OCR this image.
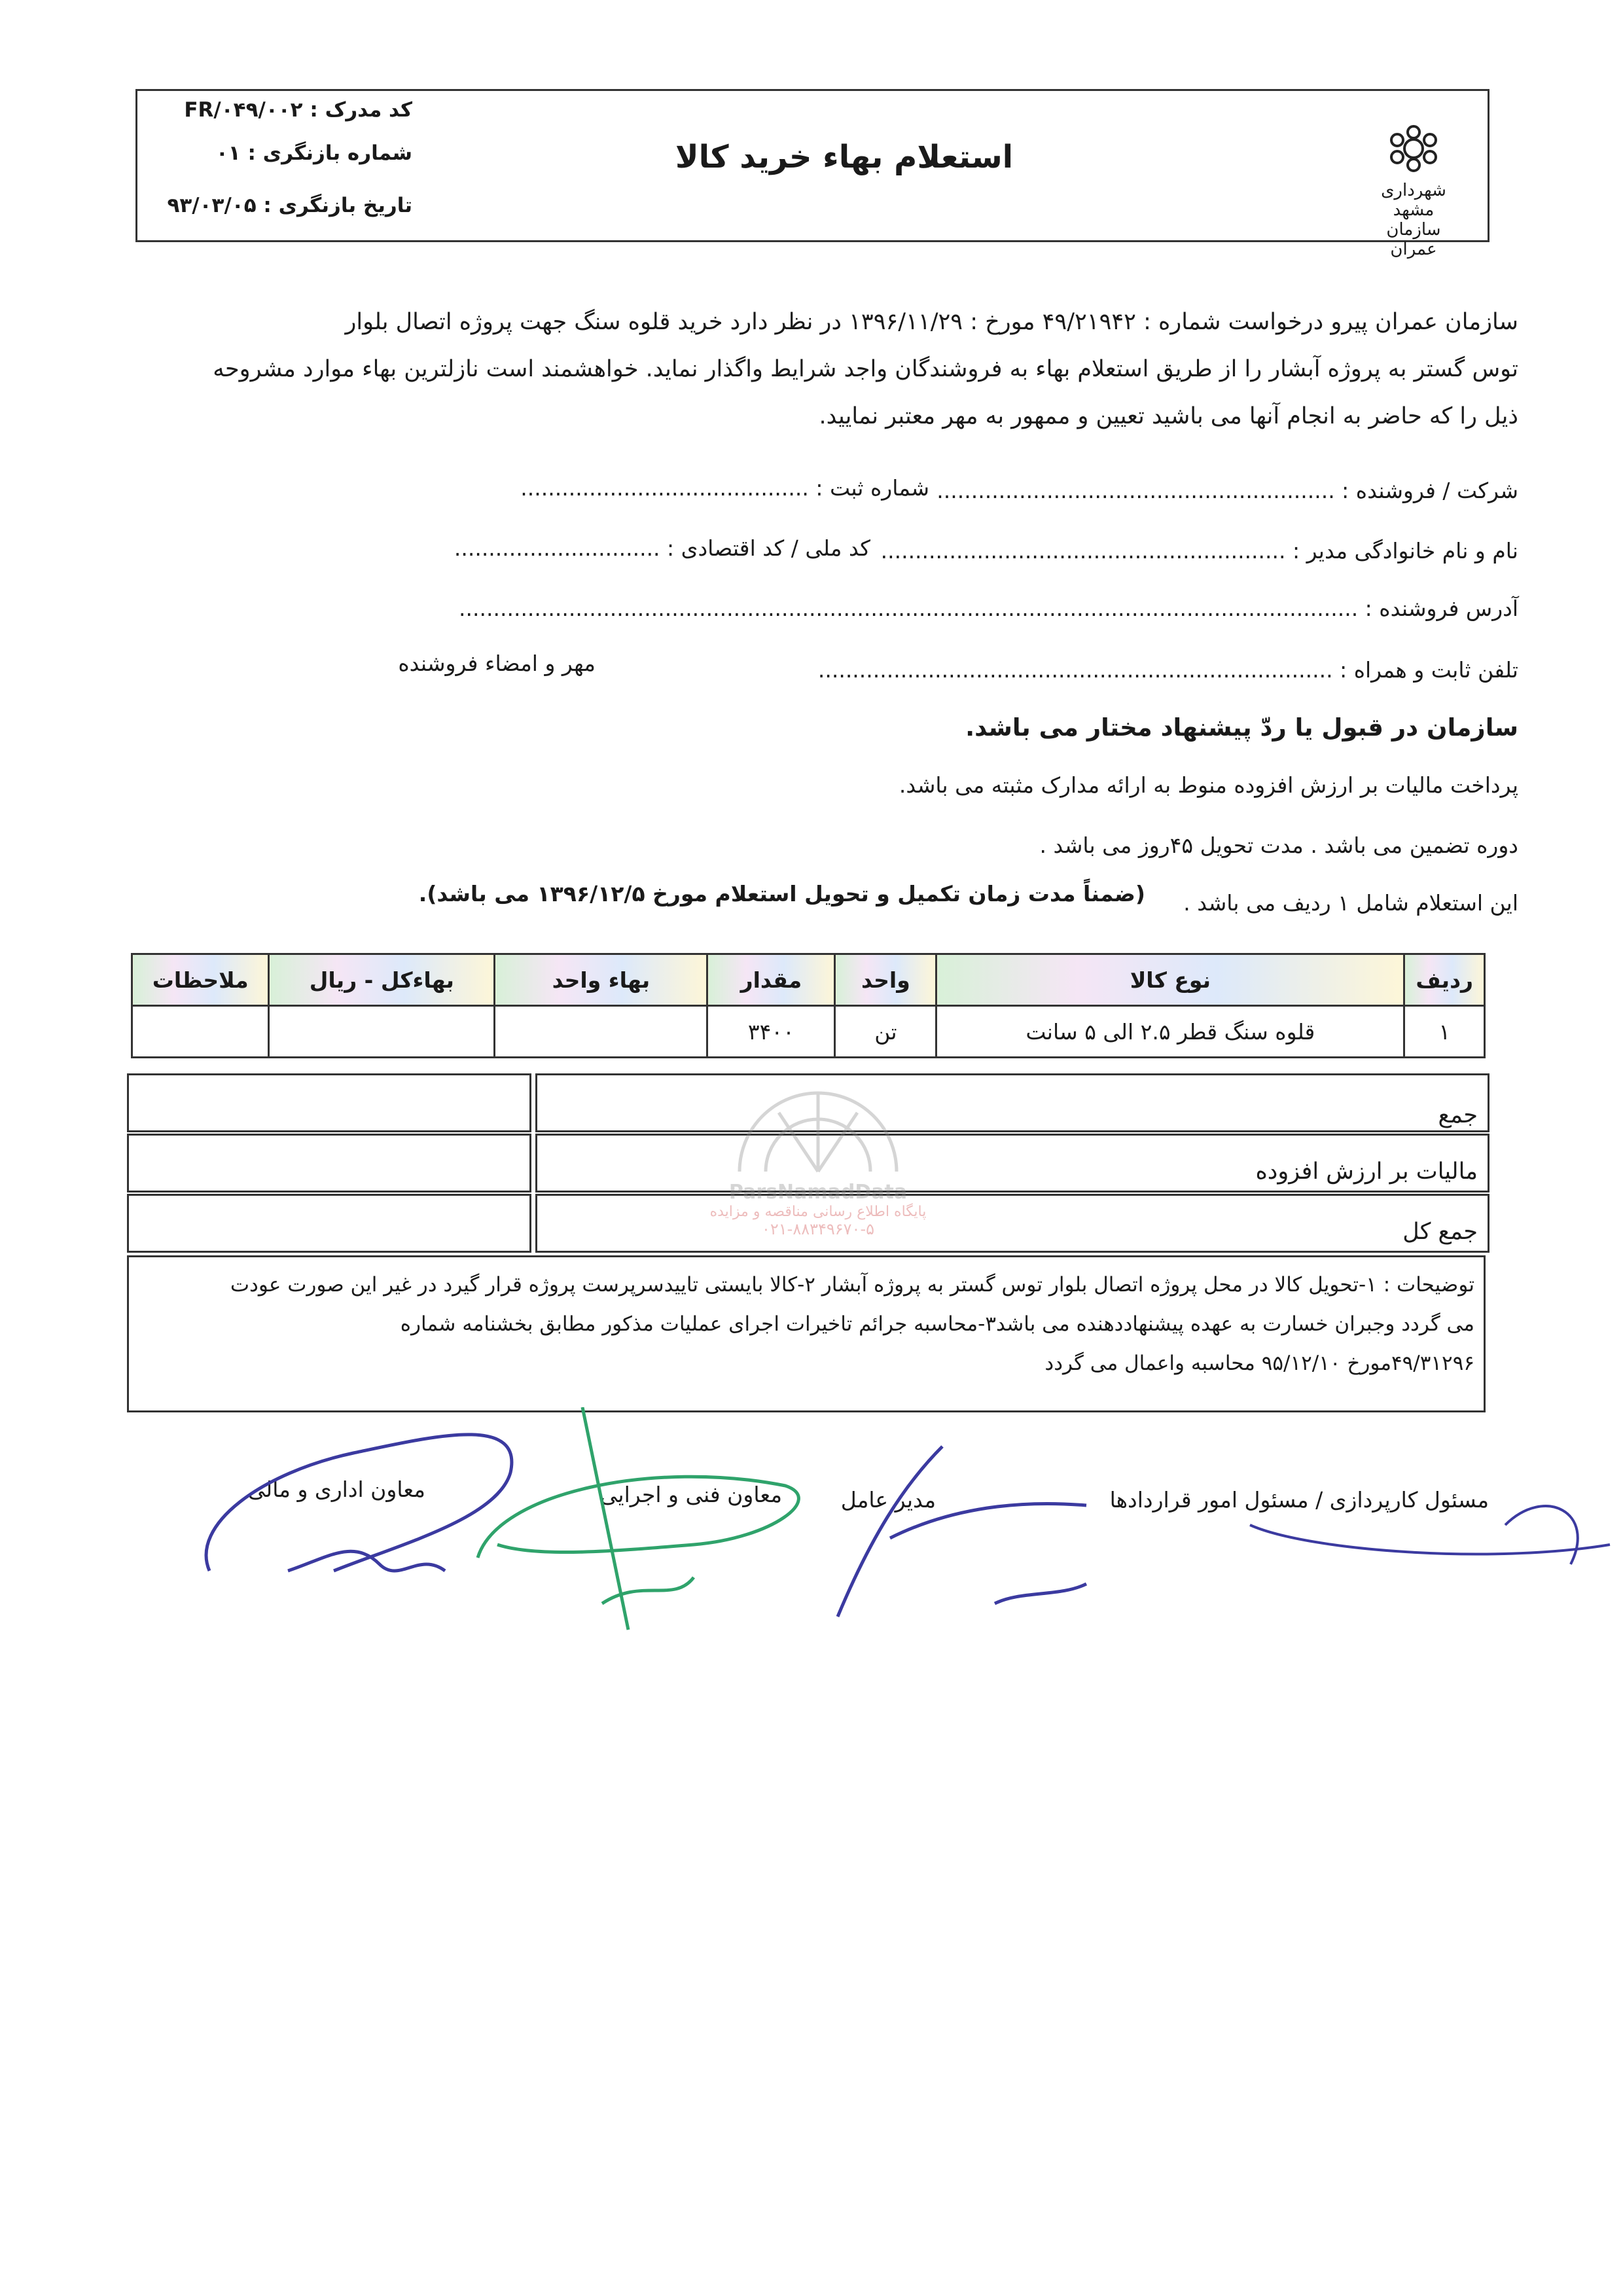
کد مدرک : FR/۰۴۹/۰۰۲
شماره بازنگری : ۰۱
تاریخ بازنگری : ۹۳/۰۳/۰۵
استعلام بهاء خرید کالا
شهرداری مشهد
سازمان عمران
سازمان عمران پیرو درخواست شماره : ۴۹/۲۱۹۴۲ مورخ : ۱۳۹۶/۱۱/۲۹ در نظر دارد خرید قلوه سنگ جهت پروژه اتصال بلوار
توس گستر به پروژه آبشار را از طریق استعلام بهاء به فروشندگان واجد شرایط واگذار نماید. خواهشمند است نازلترین بهاء موارد مشروحه
ذیل را که حاضر به انجام آنها می باشید تعیین و ممهور به مهر معتبر نمایید.
شرکت / فروشنده : ..........................................................
شماره ثبت : ..........................................
نام و نام خانوادگی مدیر : ...........................................................
کد ملی / کد اقتصادی : ..............................
آدرس فروشنده : ...................................................................................................................................
تلفن ثابت و همراه : ...........................................................................
مهر و امضاء فروشنده
سازمان در قبول یا ردّ پیشنهاد مختار می باشد.
پرداخت مالیات بر ارزش افزوده منوط به ارائه مدارک مثبته می باشد.
دوره تضمین می باشد . مدت تحویل ۴۵روز می باشد .
این استعلام شامل ۱ ردیف می باشد .
(ضمناً مدت زمان تکمیل و تحویل استعلام مورخ ۱۳۹۶/۱۲/۵ می باشد).
ردیف	نوع کالا	واحد	مقدار	بهاء واحد	بهاءکل - ریال	ملاحظات
۱	قلوه سنگ قطر ۲.۵ الی ۵ سانت	تن	۳۴۰۰			
جمع
مالیات بر ارزش افزوده
جمع کل
ParsNamadData
پایگاه اطلاع رسانی مناقصه و مزایده
۰۲۱-۸۸۳۴۹۶۷۰-۵
توضیحات : ۱-تحویل کالا در محل پروژه اتصال بلوار توس گستر به پروژه آبشار ۲-کالا بایستی تاییدسرپرست پروژه قرار گیرد در غیر این صورت عودت
می گردد وجبران خسارت به عهده پیشنهاددهنده می باشد۳-محاسبه جرائم تاخیرات اجرای عملیات مذکور مطابق بخشنامه شماره
۴۹/۳۱۲۹۶مورخ ۹۵/۱۲/۱۰ محاسبه واعمال می گردد
مسئول کارپردازی / مسئول امور قراردادها
مدیر عامل
معاون فنی و اجرایی
معاون اداری و مالی
